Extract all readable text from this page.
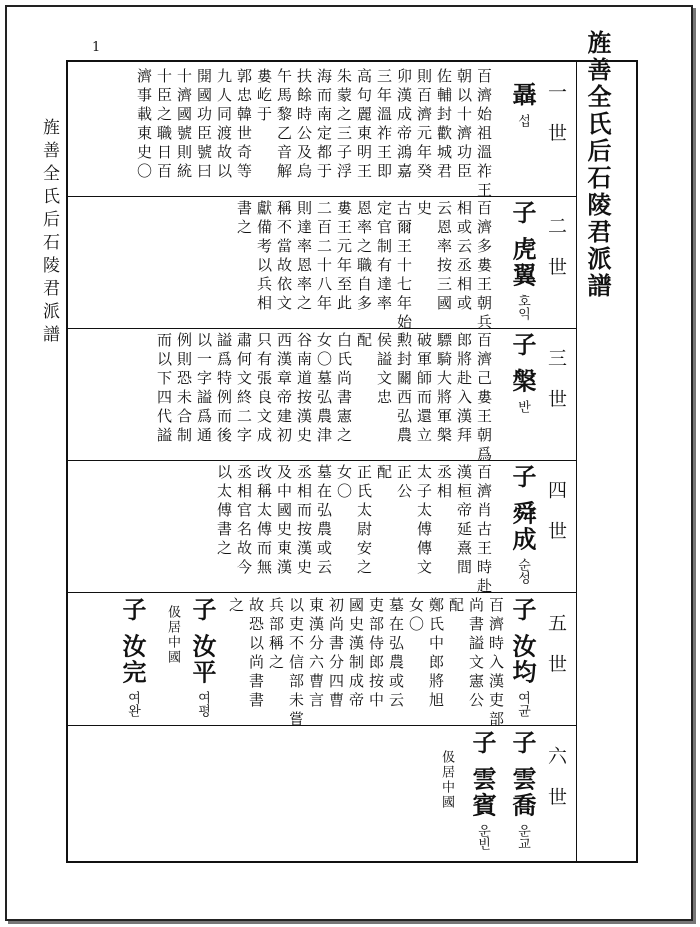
1
旌善全氏后石陵君派譜	旌善全氏后石陵君派譜
一世
聶섭
百濟始祖溫祚王
朝以十濟功臣
佐輔封歡城君
則百濟元年癸
卯漢成帝鴻嘉
三年溫祚王即
高句麗東明王
朱蒙之三子浮
海而南定都于
扶餘時公及烏
午馬黎乙音解
婁屹于
郭忠韓世奇等
九人同渡故以
開國功臣號曰
十濟國號則統
十臣之職日百
濟事載東史〇
二世
子 虎翼호익
百濟多婁王朝兵
相或云丞相或
云恩率按三國
史
古爾王十七年始
定官制有達率
恩率之職自多
婁王元年至此
二百二十八年
則達率恩率之
稱不當故依文
獻備考以兵相
書之
三世
子 槃반
百濟己婁王朝爲
郎將赴入漢拜
驃騎大將軍槃
破軍師而還立
勲封關西弘農
侯謚文忠
配
白氏尚書憲之
女〇墓弘農津
谷南道按漢史
西漢章帝建初
只有張良文成
肅何文終二字
謚爲特例而後
以一字謚爲通
例則恐未合制
而以下四代謚
四世
子 舜成순성
百濟肖古王時赴
漢桓帝延熹間
丞相
太子太傅傳文
正公
配
正氏太尉安之
女〇
墓在弘農或云
丞相而按漢史
及中國史東漢
改稱太傅而無
丞相官名故今
以太傅書之
五世
子 汝均여균
百濟時入漢吏部
尚書謚文憲公
配
鄭氏中郎將旭
女〇
墓在弘農或云
吏部侍郎按中
國史漢制成帝
初尚書分四曹
東漢分六曹言
以吏不信部未嘗
兵部稱之
故恐以尚書書
之
子 汝平여평
伋居中國
子 汝完여완
六世
子 雲喬운교
子 雲賓운빈
伋居中國
